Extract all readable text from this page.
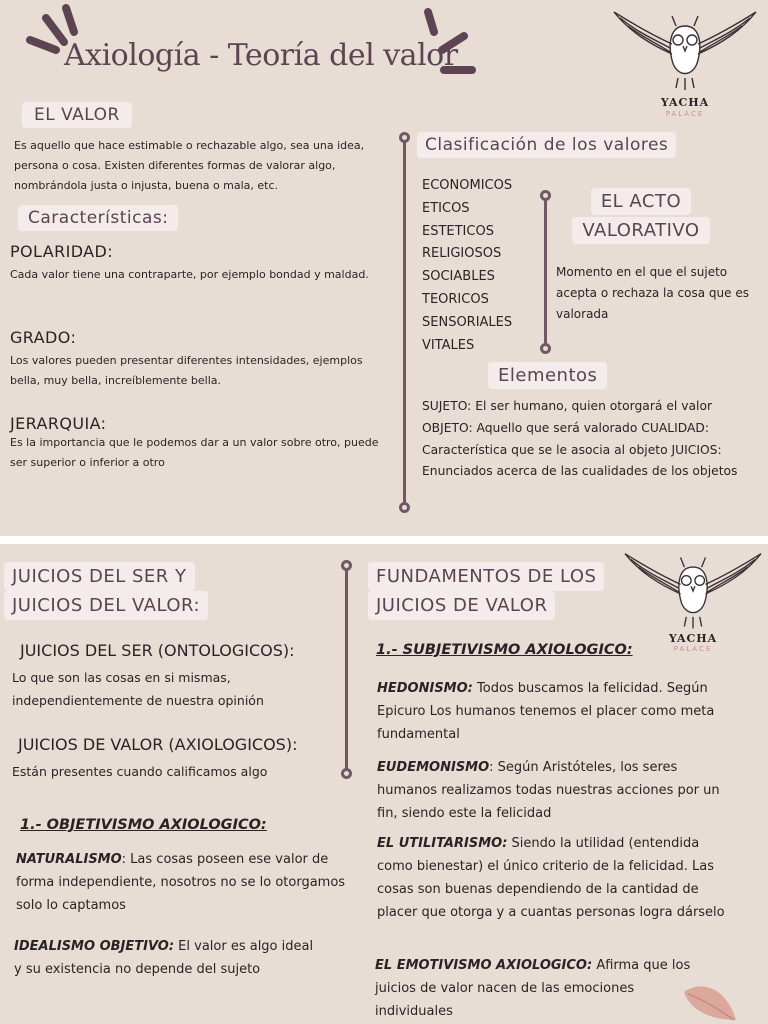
Axiología - Teoría del valor
YACHA
PALACE
EL VALOR
Es aquello que hace estimable o rechazable algo, sea una idea, persona o cosa. Existen diferentes formas de valorar algo, nombrándola justa o injusta, buena o mala, etc.
Características:
POLARIDAD:
Cada valor tiene una contraparte, por ejemplo bondad y maldad.
GRADO:
Los valores pueden presentar diferentes intensidades, ejemplos bella, muy bella, increíblemente bella.
JERARQUIA:
Es la importancia que le podemos dar a un valor sobre otro, puede ser superior o inferior a otro
Clasificación de los valores
ECONOMICOS
ETICOS
ESTETICOS
RELIGIOSOS
SOCIABLES
TEORICOS
SENSORIALES
VITALES
EL ACTO
VALORATIVO
Momento en el que el sujeto acepta o rechaza la cosa que es valorada
Elementos
SUJETO: El ser humano, quien otorgará el valor OBJETO: Aquello que será valorado CUALIDAD: Característica que se le asocia al objeto JUICIOS: Enunciados acerca de las cualidades de los objetos
JUICIOS DEL SER Y
JUICIOS DEL VALOR:
JUICIOS DEL SER (ONTOLOGICOS):
Lo que son las cosas en si mismas, independientemente de nuestra opinión
JUICIOS DE VALOR (AXIOLOGICOS):
Están presentes cuando calificamos algo
1.- OBJETIVISMO AXIOLOGICO:
NATURALISMO: Las cosas poseen ese valor de forma independiente, nosotros no se lo otorgamos solo lo captamos
IDEALISMO OBJETIVO: El valor es algo ideal y su existencia no depende del sujeto
FUNDAMENTOS DE LOS
JUICIOS DE VALOR
YACHA
PALACE
1.- SUBJETIVISMO AXIOLOGICO:
HEDONISMO: Todos buscamos la felicidad. Según Epicuro Los humanos tenemos el placer como meta fundamental
EUDEMONISMO: Según Aristóteles, los seres humanos realizamos todas nuestras acciones por un fin, siendo este la felicidad
EL UTILITARISMO: Siendo la utilidad (entendida como bienestar) el único criterio de la felicidad. Las cosas son buenas dependiendo de la cantidad de placer que otorga y a cuantas personas logra dárselo
EL EMOTIVISMO AXIOLOGICO: Afirma que los juicios de valor nacen de las emociones individuales
